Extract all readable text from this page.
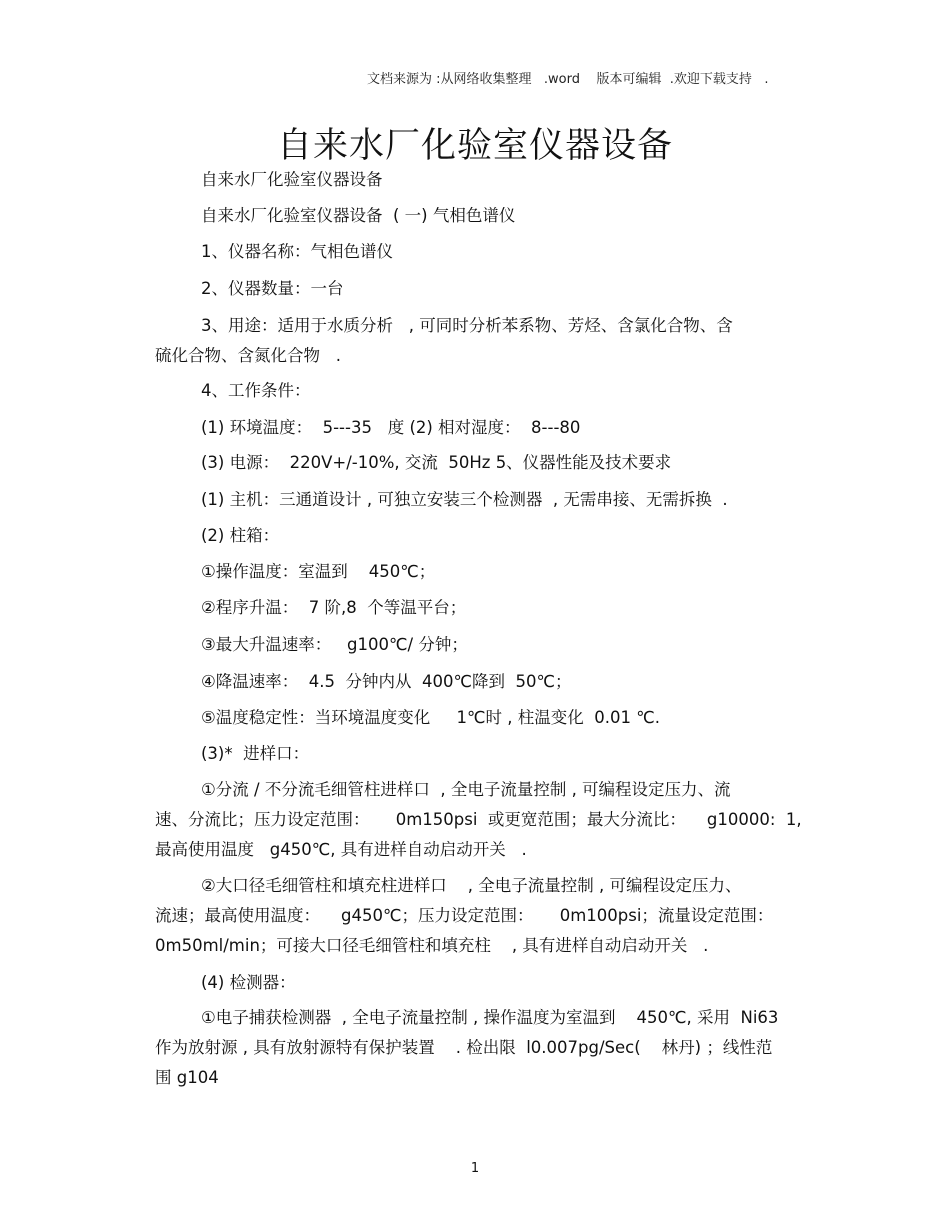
文档来源为 :从网络收集整理   .word    版本可编辑  .欢迎下载支持   .
自来水厂化验室仪器设备
自来水厂化验室仪器设备
自来水厂化验室仪器设备  ( 一) 气相色谱仪
1、仪器名称：气相色谱仪
2、仪器数量：一台
3、用途：适用于水质分析   , 可同时分析苯系物、芳烃、含氯化合物、含
硫化合物、含氮化合物   .
4、工作条件：
(1) 环境温度：  5---35   度 (2) 相对湿度：  8---80
(3) 电源：  220V+/-10%, 交流  50Hz 5、仪器性能及技术要求
(1) 主机：三通道设计 , 可独立安装三个检测器  , 无需串接、无需拆换  .
(2) 柱箱：
①操作温度：室温到    450℃；
②程序升温：  7 阶,8  个等温平台；
③最大升温速率：   g100℃/ 分钟；
④降温速率：  4.5  分钟内从  400℃降到  50℃；
⑤温度稳定性：当环境温度变化     1℃时 , 柱温变化  0.01 ℃.
(3)*  进样口：
①分流 / 不分流毛细管柱进样口  , 全电子流量控制 , 可编程设定压力、流
速、分流比；压力设定范围：     0m150psi  或更宽范围；最大分流比：    g10000:  1,
最高使用温度   g450℃, 具有进样自动启动开关   .
②大口径毛细管柱和填充柱进样口    , 全电子流量控制 , 可编程设定压力、
流速；最高使用温度：    g450℃；压力设定范围：     0m100psi；流量设定范围：
0m50ml/min；可接大口径毛细管柱和填充柱    , 具有进样自动启动开关   .
(4) 检测器：
①电子捕获检测器  , 全电子流量控制 , 操作温度为室温到    450℃, 采用  Ni63
作为放射源 , 具有放射源特有保护装置    . 检出限  l0.007pg/Sec(    林丹) ；线性范
围 g104
1
